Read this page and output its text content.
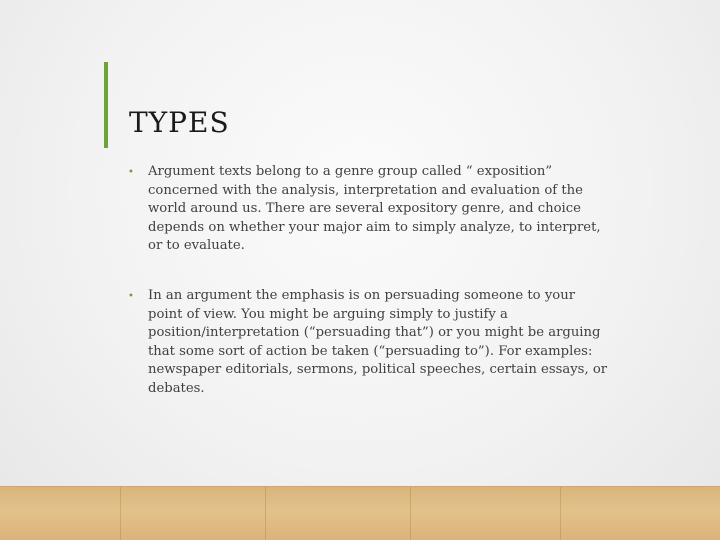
TYPES
• Argument texts belong to a genre group called “ exposition” concerned with the analysis, interpretation and evaluation of the world around us. There are several expository genre, and choice depends on whether your major aim to simply analyze, to interpret, or to evaluate.
• In an argument the emphasis is on persuading someone to your point of view. You might be arguing simply to justify a position/interpretation (“persuading that”) or you might be arguing that some sort of action be taken (“persuading to”). For examples: newspaper editorials, sermons, political speeches, certain essays, or debates.
